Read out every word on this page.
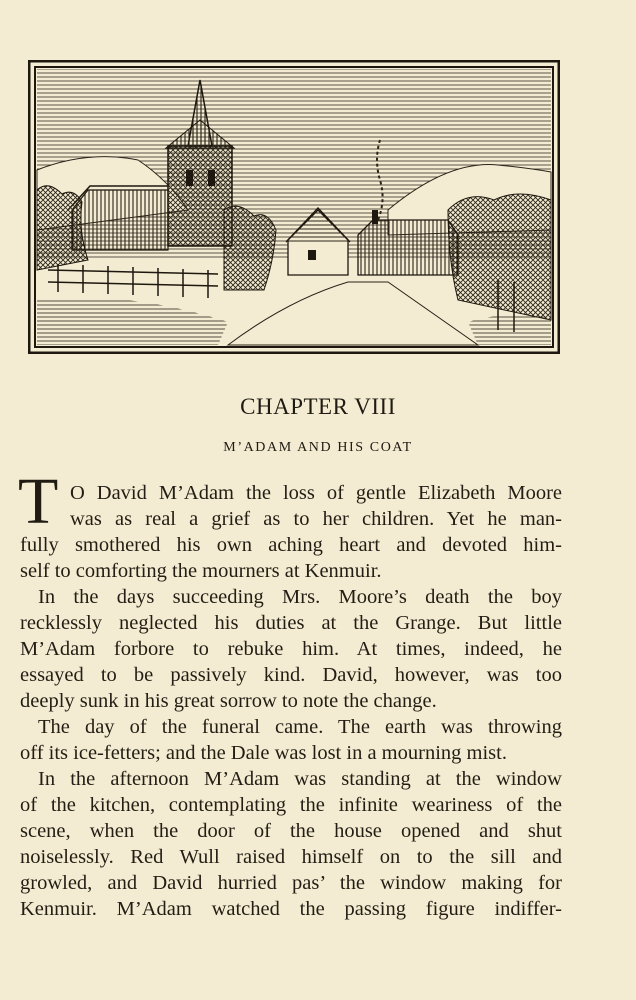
CHAPTER VIII
M’ADAM AND HIS COAT
T O David M’Adam the loss of gentle Elizabeth Moore
was as real a grief as to her children. Yet he man-
fully smothered his own aching heart and devoted him-
self to comforting the mourners at Kenmuir.
In the days succeeding Mrs. Moore’s death the boy
recklessly neglected his duties at the Grange. But little
M’Adam forbore to rebuke him. At times, indeed, he
essayed to be passively kind. David, however, was too
deeply sunk in his great sorrow to note the change.
The day of the funeral came. The earth was throwing
off its ice-fetters; and the Dale was lost in a mourning mist.
In the afternoon M’Adam was standing at the window
of the kitchen, contemplating the infinite weariness of the
scene, when the door of the house opened and shut
noiselessly. Red Wull raised himself on to the sill and
growled, and David hurried pas’ the window making for
Kenmuir. M’Adam watched the passing figure indiffer-
